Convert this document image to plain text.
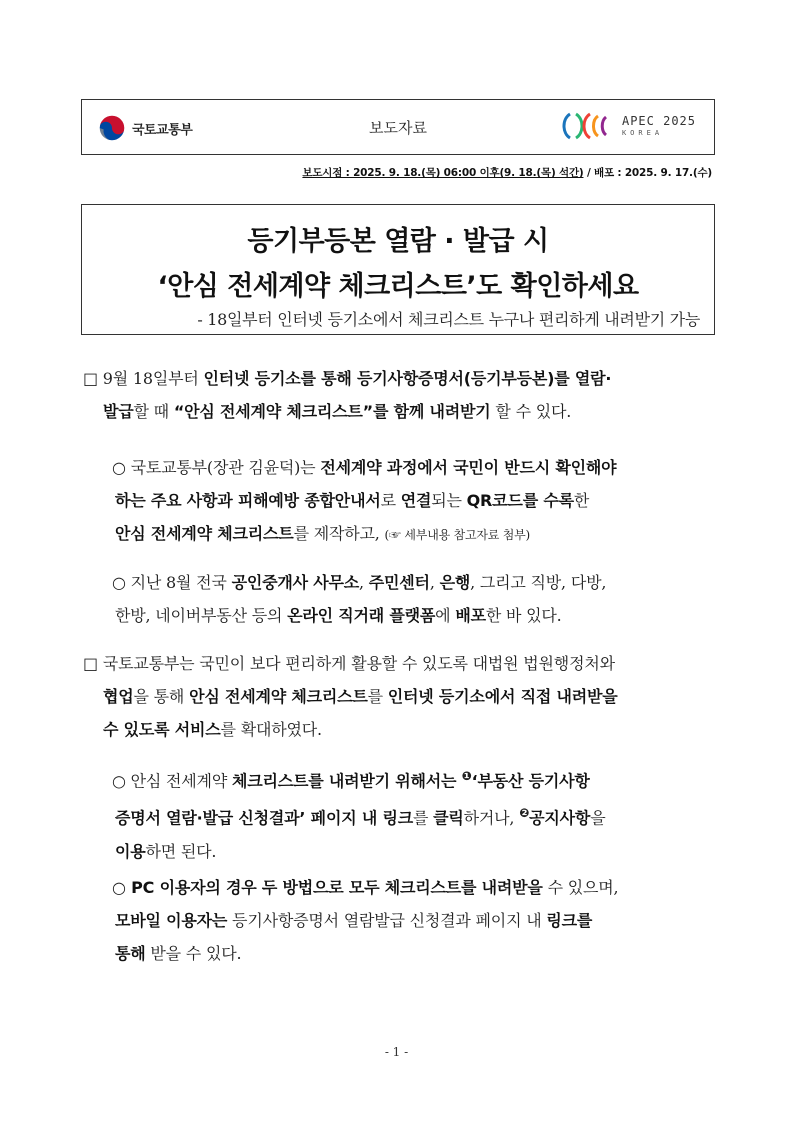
국토교통부	보도자료	APEC 2025
KOREA
보도시점 : 2025. 9. 18.(목) 06:00 이후(9. 18.(목) 석간) / 배포 : 2025. 9. 17.(수)
등기부등본 열람 · 발급 시
‘안심 전세계약 체크리스트’도 확인하세요
- 18일부터 인터넷 등기소에서 체크리스트 누구나 편리하게 내려받기 가능
□ 9월 18일부터 인터넷 등기소를 통해 등기사항증명서(등기부등본)를 열람·
발급할 때 “안심 전세계약 체크리스트”를 함께 내려받기 할 수 있다.
○ 국토교통부(장관 김윤덕)는 전세계약 과정에서 국민이 반드시 확인해야
하는 주요 사항과 피해예방 종합안내서로 연결되는 QR코드를 수록한
안심 전세계약 체크리스트를 제작하고, (☞ 세부내용 참고자료 첨부)
○ 지난 8월 전국 공인중개사 사무소, 주민센터, 은행, 그리고 직방, 다방,
한방, 네이버부동산 등의 온라인 직거래 플랫폼에 배포한 바 있다.
□ 국토교통부는 국민이 보다 편리하게 활용할 수 있도록 대법원 법원행정처와
협업을 통해 안심 전세계약 체크리스트를 인터넷 등기소에서 직접 내려받을
수 있도록 서비스를 확대하였다.
○ 안심 전세계약 체크리스트를 내려받기 위해서는 $^❶$‘부동산 등기사항
증명서 열람·발급 신청결과’ 페이지 내 링크를 클릭하거나, $^❷$공지사항을
이용하면 된다.
○ PC 이용자의 경우 두 방법으로 모두 체크리스트를 내려받을 수 있으며,
모바일 이용자는 등기사항증명서 열람발급 신청결과 페이지 내 링크를
통해 받을 수 있다.
- 1 -
